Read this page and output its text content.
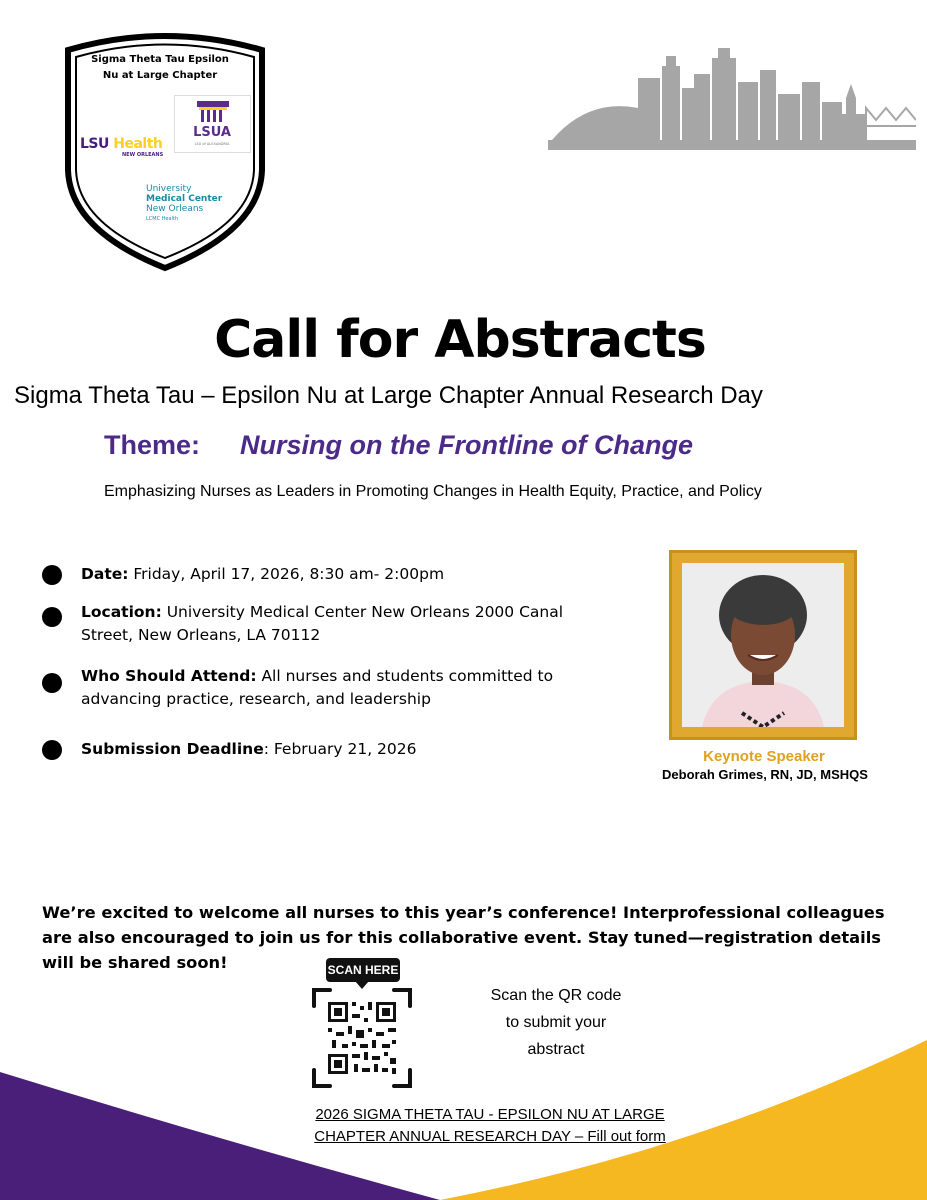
Sigma Theta Tau Epsilon Nu at Large Chapter
LSU Health
NEW ORLEANS
LSUA
LSU of ALEXANDRIA
University
Medical Center
New Orleans
LCMC Health
Call for Abstracts
Sigma Theta Tau – Epsilon Nu at Large Chapter Annual Research Day
Theme: Nursing on the Frontline of Change
Emphasizing Nurses as Leaders in Promoting Changes in Health Equity, Practice, and Policy
Date: Friday, April 17, 2026, 8:30 am- 2:00pm
Location: University Medical Center New Orleans 2000 Canal Street, New Orleans, LA 70112
Who Should Attend: All nurses and students committed to advancing practice, research, and leadership
Submission Deadline: February 21, 2026	Keynote Speaker
Deborah Grimes, RN, JD, MSHQS
We’re excited to welcome all nurses to this year’s conference! Interprofessional colleagues are also encouraged to join us for this collaborative event. Stay tuned—registration details will be shared soon!	SCAN HERE
Scan the QR code
to submit your
abstract
2026 SIGMA THETA TAU - EPSILON NU AT LARGE
CHAPTER ANNUAL RESEARCH DAY – Fill out form
